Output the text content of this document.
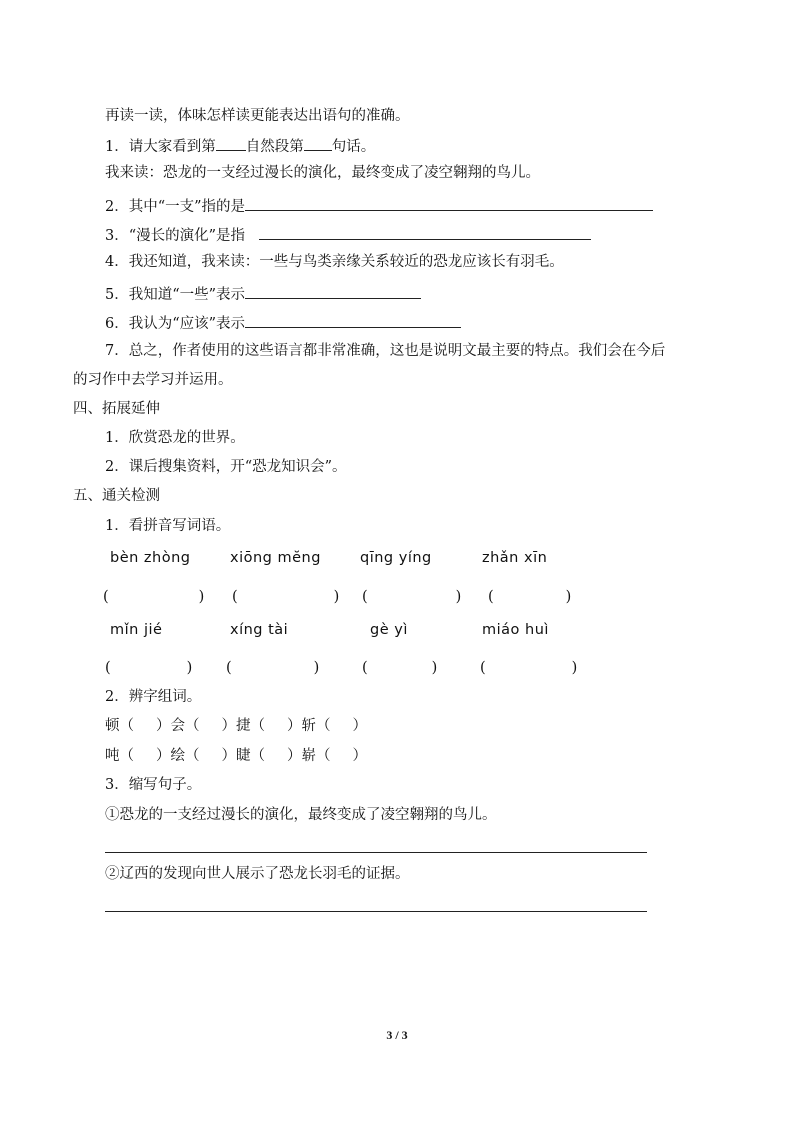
再读一读，体味怎样读更能表达出语句的准确。
1．请大家看到第 自然段第 句话。
我来读：恐龙的一支经过漫长的演化，最终变成了凌空翱翔的鸟儿。
2．其中“一支”指的是
3．“漫长的演化”是指
4．我还知道，我来读：一些与鸟类亲缘关系较近的恐龙应该长有羽毛。
5．我知道“一些”表示
6．我认为“应该”表示
7．总之，作者使用的这些语言都非常准确，这也是说明文最主要的特点。我们会在今后
的习作中去学习并运用。
四、拓展延伸
1．欣赏恐龙的世界。
2．课后搜集资料，开“恐龙知识会”。
五、通关检测
1．看拼音写词语。
bèn zhòng	xiōng mĕng	qīng yíng	zhǎn xīn
(	) (	) (	) (	)
mǐn jié	xíng tài	gè yì	miáo huì
(	) (	)	(	)	(	)
2．辨字组词。
顿（ ）会（ ）捷（ ）斩（ ）
吨（ ）绘（ ）睫（ ）崭（ ）
3．缩写句子。
①恐龙的一支经过漫长的演化，最终变成了凌空翱翔的鸟儿。
②辽西的发现向世人展示了恐龙长羽毛的证据。
3 / 3
